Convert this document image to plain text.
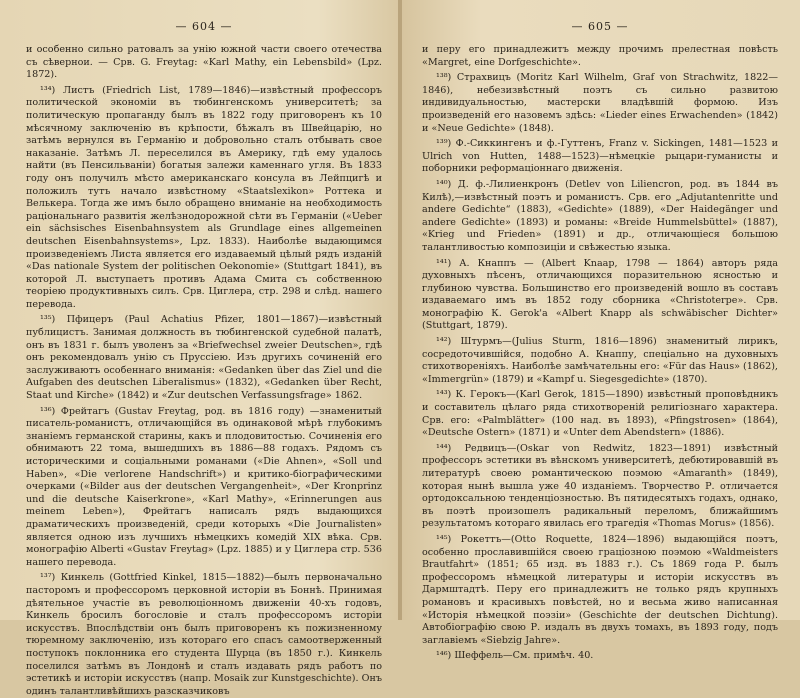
— 604 —

и особенно сильно ратовалъ за унію южной части своего отечества съ сѣвернои. — Срв. G. Freytag: «Karl Mathy, ein Lebensbild» (Lpz. 1872).

¹³⁴) Листъ (Friedrich List, 1789—1846)—извѣстный профессоръ политической экономіи въ тюбингенскомъ университетѣ; за политическую пропаганду былъ въ 1822 году приговоренъ къ 10 мѣсячному заключенію въ крѣпости, бѣжалъ въ Швейцарію, но затѣмъ вернулся въ Германію и добровольно сталъ отбывать свое наказаніе. Затѣмъ Л. переселился въ Америку, гдѣ ему удалось найти (въ Пенсильваніи) богатыя залежи каменнаго угля. Въ 1833 году онъ получилъ мѣсто американскаго консула въ Лейпцигѣ и положилъ тутъ начало извѣстному «Staatslexikon» Роттека и Велькера. Тогда же имъ было обращено вниманіе на необходимость раціональнаго развитія желѣзнодорожной сѣти въ Германіи («Ueber ein sächsisches Eisenbahnsystem als Grundlage eines allgemeinen deutschen Eisenbahnsystems», Lpz. 1833). Наиболѣе выдающимся произведеніемъ Листа является его издаваемый цѣлый рядъ изданій «Das nationale System der politischen Oekonomie» (Stuttgart 1841), въ которой Л. выступаетъ противъ Адама Смита съ собственною теоріею продуктивныхъ силъ. Срв. Циглера, стр. 298 и слѣд. нашего перевода.

¹³⁵) Пфицеръ (Paul Achatius Pfizer, 1801—1867)—извѣстный публицистъ. Занимая должность въ тюбингенской судебной палатѣ, онъ въ 1831 г. былъ уволенъ за «Briefwechsel zweier Deutschen», гдѣ онъ рекомендовалъ унію съ Пруссіею. Изъ другихъ сочиненій его заслуживаютъ особеннаго вниманія: «Gedanken über das Ziel und die Aufgaben des deutschen Liberalismus» (1832), «Gedanken über Recht, Staat und Kirche» (1842) и «Zur deutschen Verfassungsfrage» 1862.

¹³⁶) Фрейтагъ (Gustav Freytag, род. въ 1816 году) —знаменитый писатель-романистъ, отличающійся въ одинаковой мѣрѣ глубокимъ знаніемъ германской старины, какъ и плодовитостью. Сочиненія его обнимаютъ 22 тома, вышедшихъ въ 1886—88 годахъ. Рядомъ съ историческими и соціальными романами («Die Ahnen», «Soll und Haben», «Die verlorene Handschrift») и критико-біографическими очерками («Bilder aus der deutschen Vergangenheit», «Der Kronprinz und die deutsche Kaiserkrone», «Karl Mathy», «Erinnerungen aus meinem Leben»), Фрейтагъ написалъ рядъ выдающихся драматическихъ произведеній, среди которыхъ «Die Journalisten» является одною изъ лучшихъ нѣмецкихъ комедій XIX вѣка. Срв. монографію Alberti «Gustav Freytag» (Lpz. 1885) и у Циглера стр. 536 нашего перевода.

¹³⁷) Кинкель (Gottfried Kinkel, 1815—1882)—былъ первоначально пасторомъ и профессоромъ церковной исторіи въ Боннѣ. Принимая дѣятельное участіе въ революціонномъ движеніи 40-хъ годовъ, Кинкель бросилъ богословіе и сталъ профессоромъ исторіи искусствъ. Впослѣдствіи онъ былъ приговоренъ къ пожизненному тюремному заключенію, изъ котораго его спасъ самоотверженный поступокъ поклонника его студента Шурца (въ 1850 г.). Кинкель поселился затѣмъ въ Лондонѣ и сталъ издавать рядъ работъ по эстетикѣ и исторіи искусствъ (напр. Mosaik zur Kunstgeschichte). Онъ одинъ талантливѣйшихъ разсказчиковъ

— 605 —

и перу его принадлежитъ между прочимъ прелестная повѣсть «Margret, eine Dorfgeschichte».

¹³⁸) Страхвицъ (Moritz Karl Wilhelm, Graf von Strachwitz, 1822—1846), небезизвѣстный поэтъ съ сильно развитою индивидуальностью, мастерски владѣвшій формою. Изъ произведеній его назовемъ здѣсь: «Lieder eines Erwachenden» (1842) и «Neue Gedichte» (1848).

¹³⁹) Ф.-Сиккингенъ и ф.-Гуттенъ, Franz v. Sickingen, 1481—1523 и Ulrich von Hutten, 1488—1523)—нѣмецкіе рыцари-гуманисты и поборники реформаціоннаго движенія.

¹⁴⁰) Д. ф.-Лилиенкронъ (Detlev von Liliencron, род. въ 1844 въ Килѣ),—извѣстный поэтъ и романистъ. Срв. его „Adjutantenritte und andere Gedichte“ (1883), «Gedichte» (1889), «Der Haidegänger und andere Gedichte» (1893) и романы: «Breide Hummelsbüttel» (1887), «Krieg und Frieden» (1891) и др., отличающіеся большою талантливостью композиціи и свѣжестью языка.

¹⁴¹) А. Кнаппъ — (Albert Knaap, 1798 — 1864) авторъ ряда духовныхъ пѣсенъ, отличающихся поразительною ясностью и глубиною чувства. Большинство его произведеній вошло въ составъ издаваемаго имъ въ 1852 году сборника «Christoterpe». Срв. монографію К. Gerok'a «Albert Knapp als schwäbischer Dichter» (Stuttgart, 1879).

¹⁴²) Штурмъ—(Julius Sturm, 1816—1896) знаменитый лирикъ, сосредоточившійся, подобно А. Кнаппу, спеціально на духовныхъ стихотвореніяхъ. Наиболѣе замѣчательны его: «Für das Haus» (1862), «Immergrün» (1879) и «Kampf u. Siegesgedichte» (1870).

¹⁴³) К. Герокъ—(Karl Gerok, 1815—1890) извѣстный проповѣдникъ и составитель цѣлаго ряда стихотвореній религіознаго характера. Срв. его: «Palmblätter» (100 над. въ 1893), «Pfingstrosen» (1864), «Deutsche Ostern» (1871) и «Unter dem Abendstern» (1886).

¹⁴⁴) Редвицъ—(Oskar von Redwitz, 1823—1891) извѣстный профессоръ эстетики въ вѣнскомъ университетѣ, дебютировавшій въ литературѣ своею романтическою поэмою «Amaranth» (1849), которая нынѣ вышла уже 40 изданіемъ. Творчество Р. отличается ортодоксальною тенденціозностью. Въ пятидесятыхъ годахъ, однако, въ поэтѣ произошелъ радикальный переломъ, ближайшимъ результатомъ котораго явилась его трагедія «Thomas Morus» (1856).

¹⁴⁵) Рокеттъ—(Otto Roquette, 1824—1896) выдающійся поэтъ, особенно прославившійся своею граціозною поэмою «Waldmeisters Brautfahrt» (1851; 65 изд. въ 1883 г.). Съ 1869 года Р. былъ профессоромъ нѣмецкой литературы и исторіи искусствъ въ Дармштадтѣ. Перу его принадлежитъ не только рядъ крупныхъ романовъ и красивыхъ повѣстей, но и весьма живо написанная «Исторія нѣмецкой поэзіи» (Geschichte der deutschen Dichtung). Автобіографію свою Р. издалъ въ двухъ томахъ, въ 1893 году, подъ заглавіемъ «Siebzig Jahre».

¹⁴⁶) Шеффель—См. примѣч. 40.
